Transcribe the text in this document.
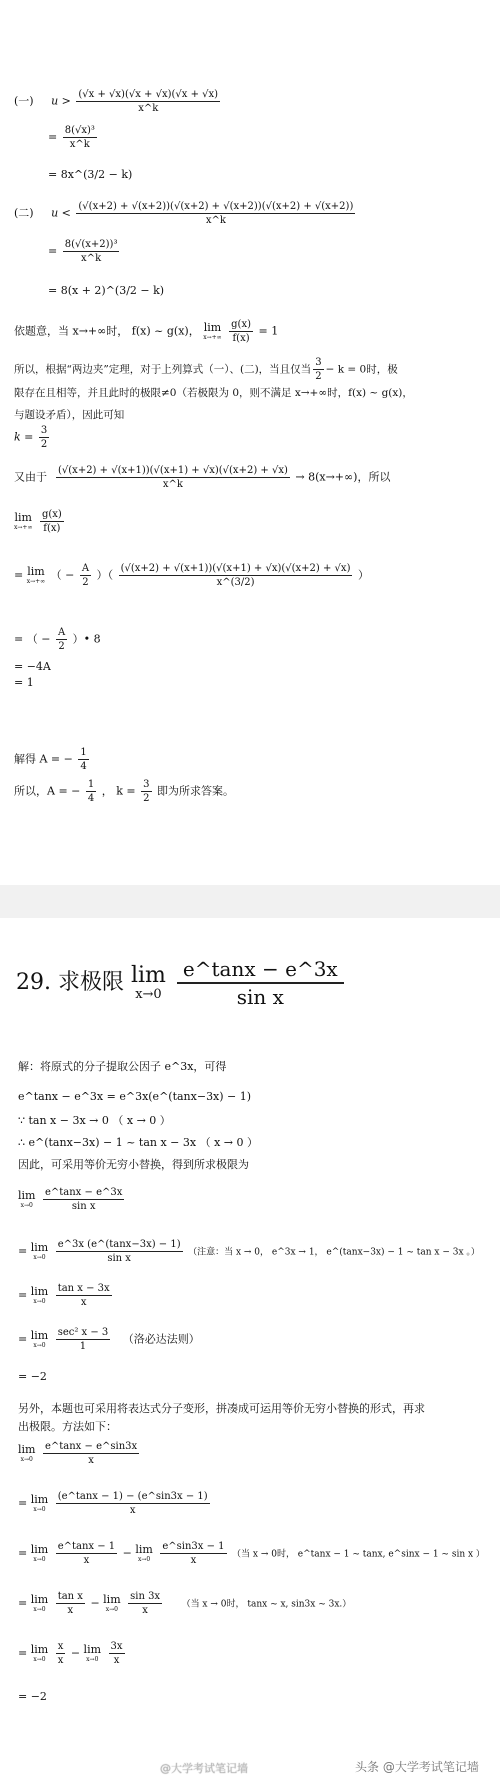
(一) $u > \frac{(√x + √x)(√x + √x)(√x + √x)}{x\^{}k}$
= $\frac{\text{8(√x)³}}{x\^{}k}$
= 8x^(3/2 − k)
(二) $u < \frac{(√(x+2) + √(x+2))(√(x+2) + √(x+2))(√(x+2) + √(x+2))}{x\^{}k}$
= $\frac{\text{8(√(x+2))³}}{x\^{}k}$
= 8(x + 2)^(3/2 − k)
依题意，当 x→+∞时， f(x) ~ g(x)， lim
x→+∞
$\frac{g(x)}{f(x)} = 1$
所以，根据“两边夹”定理，对于上列算式（一）、(二)，当且仅当 $\frac{3}{2} - k = 0$时，极
限存在且相等，并且此时的极限≠0（若极限为 0，则不满足 x→+∞时，f(x) ~ g(x)，
与题设矛盾），因此可知
$k = \frac{3}{2}$
又由于 $\frac{(√(x+2) + √(x+1))(√(x+1) + √x)(√(x+2) + √x)}{x\^{}k} \to 8(x\to+\infty)$，所以
lim
x→+∞
$\frac{g(x)}{f(x)}$
= lim
x→+∞ （ − $\frac{A}{2}$ ）（ $\frac{(√(x+2) + √(x+1))(√(x+1) + √x)(√(x+2) + √x)}{x\^{}(3/2)}$ ）
= （ − $\frac{A}{2}$ ）• 8
= −4A
= 1
解得 A = − $\frac{1}{4}$
所以，A = − $\frac{1}{4}$ ， $k = \frac{3}{2}$ 即为所求答案。
29. 求极限 lim
x→0
$\frac{e\^{}\tan x - e\^{}3x}{\text{sin x}}$
解：将原式的分子提取公因子 e^3x，可得
e^tanx − e^3x = e^3x(e^(tanx−3x) − 1)
∵ tan x − 3x → 0 （ x → 0 ）
∴ e^(tanx−3x) − 1 ~ tan x − 3x （ x → 0 ）
因此，可采用等价无穷小替换，得到所求极限为
lim
x→0
$\frac{e\^{}\tan x - e\^{}3x}{\text{sin x}}$
= lim
x→0
$\frac{e\^{}3x (e\^{}(\tan x-3x) - 1)}{\text{sin x}}$ （注意：当 x → 0， e^3x → 1， e^(tanx−3x) − 1 ~ tan x − 3x 。）
= lim
x→0
$\frac{\text{tan x − 3x}}{x}$
= lim
x→0
$\frac{\text{sec² x − 3}}{1}$ （洛必达法则）
= −2
另外，本题也可采用将表达式分子变形，拼凑成可运用等价无穷小替换的形式，再求
出极限。方法如下：
lim
x→0
$\frac{e\^{}\tan x - e\^{}\sin 3x}{x}$
= lim
x→0
$\frac{(e\^{}\tan x - 1) - (e\^{}\sin 3x - 1)}{x}$
= lim
x→0
$\frac{e\^{}\tan x - 1}{x} - \lim$
x→0
$\frac{e\^{}\sin 3x - 1}{x}$ （当 x → 0时， e^tanx − 1 ~ tanx, e^sinx − 1 ~ sin x ）
= lim
x→0
$\frac{\text{tan x}}{x} - \lim$
x→0
$\frac{\sin 3x}{x}$ （当 x → 0时， tanx ~ x, sin3x ~ 3x.）
= lim
x→0
$\frac{x}{x} - \lim$
x→0
$\frac{3x}{x}$
= −2
@大学考试笔记墙	头条 @大学考试笔记墙
